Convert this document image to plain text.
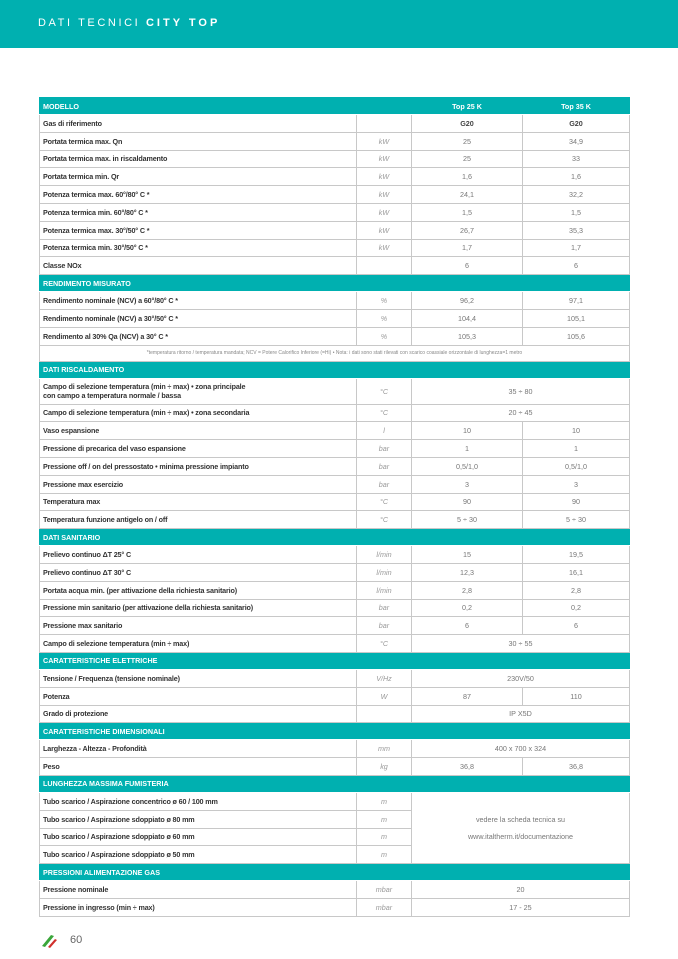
DATI TECNICI CITY TOP
MODELLO		Top 25 K	Top 35 K
Gas di riferimento		G20	G20
Portata termica max. Qn	kW	25	34,9
Portata termica max. in riscaldamento	kW	25	33
Portata termica min. Qr	kW	1,6	1,6
Potenza termica max. 60°/80° C *	kW	24,1	32,2
Potenza termica min. 60°/80° C *	kW	1,5	1,5
Potenza termica max. 30°/50° C *	kW	26,7	35,3
Potenza termica min. 30°/50° C *	kW	1,7	1,7
Classe NOx		6	6
RENDIMENTO MISURATO			
Rendimento nominale (NCV) a 60°/80° C *	%	96,2	97,1
Rendimento nominale (NCV) a 30°/50° C *	%	104,4	105,1
Rendimento al 30% Qa (NCV) a 30° C *	%	105,3	105,6
*temperatura ritorno / temperatura mandata; NCV = Potere Calorifico Inferiore (=Hi) • Nota: i dati sono stati rilevati con scarico coassiale orizzontale di lunghezza=1 metro			
DATI RISCALDAMENTO			
Campo di selezione temperatura (min ÷ max) • zona principale
con campo a temperatura normale / bassa	°C	35 ÷ 80	
Campo di selezione temperatura (min ÷ max) • zona secondaria	°C	20 ÷ 45	
Vaso espansione	l	10	10
Pressione di precarica del vaso espansione	bar	1	1
Pressione off / on del pressostato • minima pressione impianto	bar	0,5/1,0	0,5/1,0
Pressione max esercizio	bar	3	3
Temperatura max	°C	90	90
Temperatura funzione antigelo on / off	°C	5 ÷ 30	5 ÷ 30
DATI SANITARIO			
Prelievo continuo ΔT 25° C	l/min	15	19,5
Prelievo continuo ΔT 30° C	l/min	12,3	16,1
Portata acqua min. (per attivazione della richiesta sanitario)	l/min	2,8	2,8
Pressione min sanitario (per attivazione della richiesta sanitario)	bar	0,2	0,2
Pressione max sanitario	bar	6	6
Campo di selezione temperatura (min ÷ max)	°C	30 ÷ 55	
CARATTERISTICHE ELETTRICHE			
Tensione / Frequenza (tensione nominale)	V/Hz	230V/50	
Potenza	W	87	110
Grado di protezione		IP X5D	
CARATTERISTICHE DIMENSIONALI			
Larghezza - Altezza - Profondità	mm	400 x 700 x 324	
Peso	kg	36,8	36,8
LUNGHEZZA MASSIMA FUMISTERIA			
Tubo scarico / Aspirazione concentrico ø 60 / 100 mm	m	vedere la scheda tecnica su
www.italtherm.it/documentazione	

Tubo scarico / Aspirazione sdoppiato ø 80 mm	m		
Tubo scarico / Aspirazione sdoppiato ø 60 mm	m		
Tubo scarico / Aspirazione sdoppiato ø 50 mm	m		
PRESSIONI ALIMENTAZIONE GAS			
Pressione nominale	mbar	20	
Pressione in ingresso (min ÷ max)	mbar	17 - 25	
60
